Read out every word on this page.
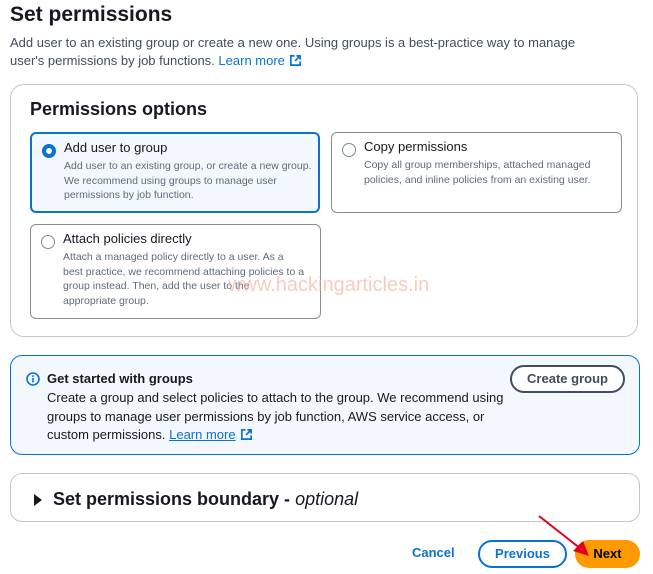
Set permissions
Add user to an existing group or create a new one. Using groups is a best-practice way to manage user's permissions by job functions. Learn more
Permissions options
Add user to group
Add user to an existing group, or create a new group. We recommend using groups to manage user permissions by job function.
Copy permissions
Copy all group memberships, attached managed policies, and inline policies from an existing user.
Attach policies directly
Attach a managed policy directly to a user. As a best practice, we recommend attaching policies to a group instead. Then, add the user to the appropriate group.
Get started with groups
Create a group and select policies to attach to the group. We recommend using groups to manage user permissions by job function, AWS service access, or custom permissions. Learn more
Create group
Set permissions boundary - optional
www.hackingarticles.in
Cancel	Previous	Next
